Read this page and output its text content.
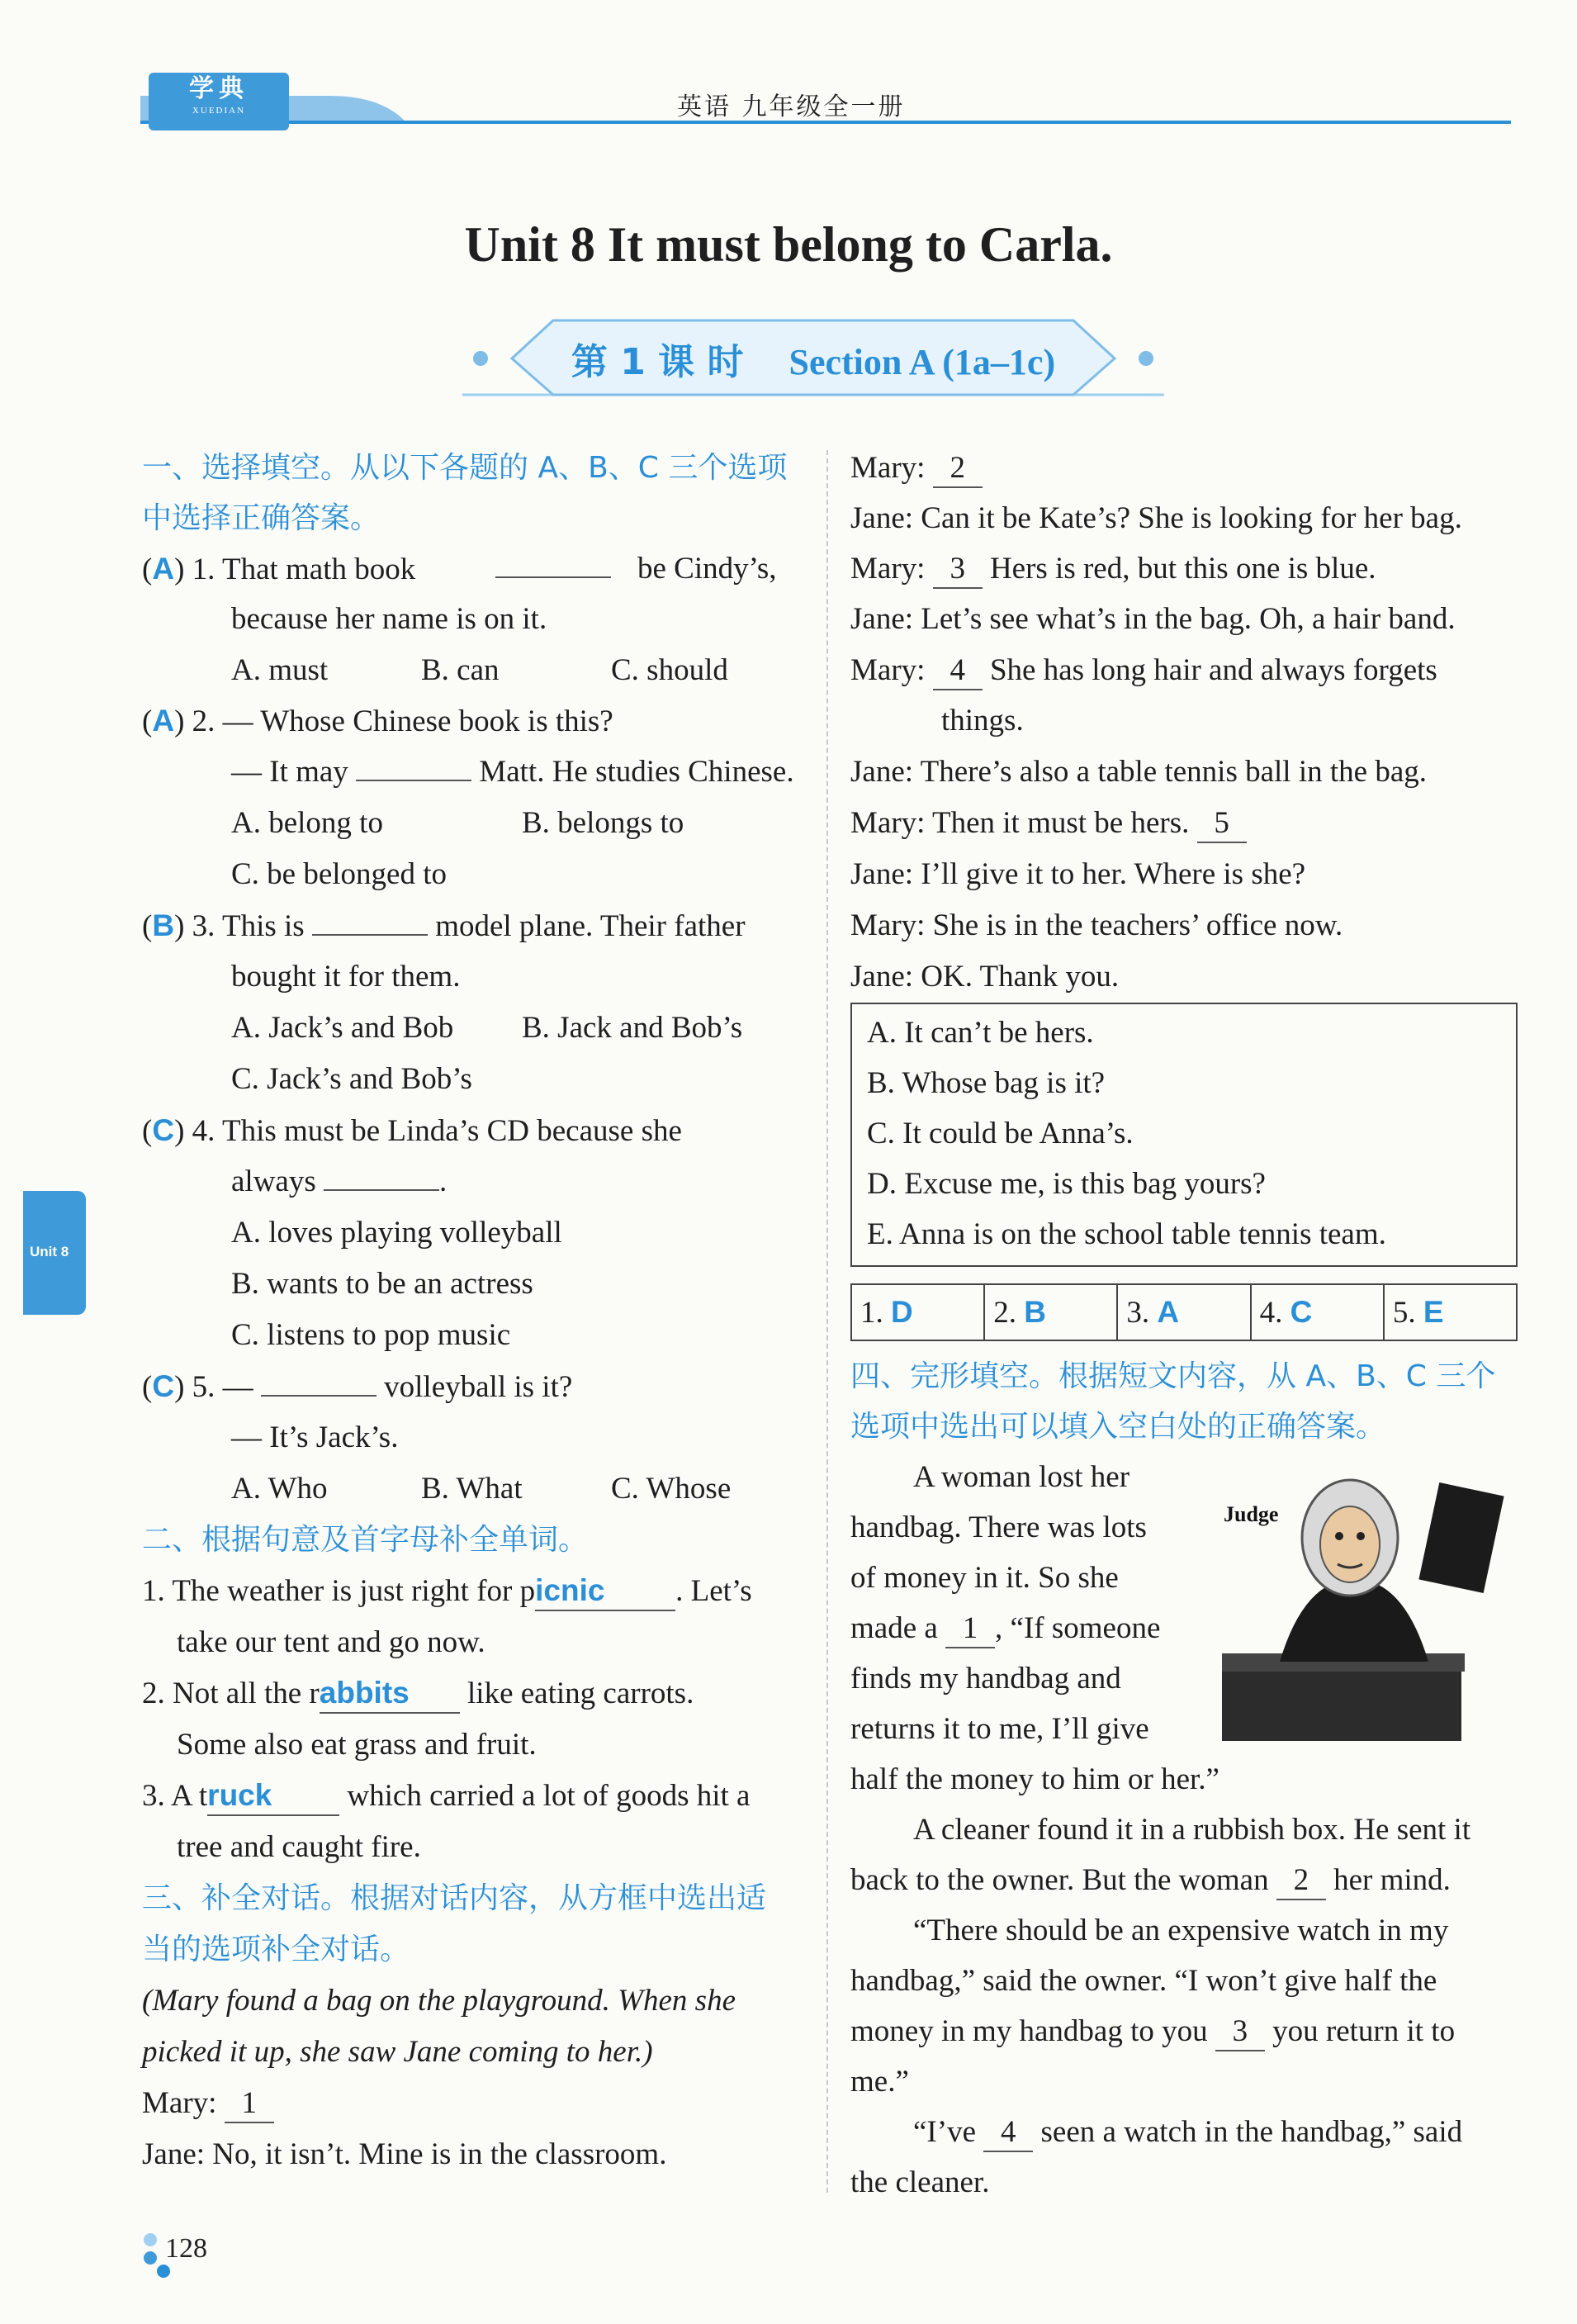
学典
XUEDIAN	英语 九年级全一册
Unit 8 It must belong to Carla.
第 1 课 时 Section A (1a–1c)
Unit 8
一、选择填空。从以下各题的 A、B、C 三个选项
中选择正确答案。
(A) 1. That math book	be Cindy’s,
because her name is on it.
A. must	B. can	C. should
(A) 2. — Whose Chinese book is this?
— It may	Matt. He studies Chinese.
A. belong to	B. belongs to
C. be belonged to
(B) 3. This is	model plane. Their father
bought it for them.
A. Jack’s and Bob B. Jack and Bob’s
C. Jack’s and Bob’s
(C) 4. This must be Linda’s CD because she
always	.
A. loves playing volleyball
B. wants to be an actress
C. listens to pop music
(C) 5. —	volleyball is it?
— It’s Jack’s.
A. Who	B. What	C. Whose
二、根据句意及首字母补全单词。
1. The weather is just right for picnic . Let’s
take our tent and go now.
2. Not all the rabbits like eating carrots.
Some also eat grass and fruit.
3. A truck which carried a lot of goods hit a
tree and caught fire.
三、补全对话。根据对话内容，从方框中选出适
当的选项补全对话。
(Mary found a bag on the playground. When she
picked it up, she saw Jane coming to her.)
Mary: 1
Jane: No, it isn’t. Mine is in the classroom.
Mary: 2
Jane: Can it be Kate’s? She is looking for her bag.
Mary: 3 Hers is red, but this one is blue.
Jane: Let’s see what’s in the bag. Oh, a hair band.
Mary: 4 She has long hair and always forgets
things.
Jane: There’s also a table tennis ball in the bag.
Mary: Then it must be hers. 5
Jane: I’ll give it to her. Where is she?
Mary: She is in the teachers’ office now.
Jane: OK. Thank you.
A. It can’t be hers.
B. Whose bag is it?
C. It could be Anna’s.
D. Excuse me, is this bag yours?
E. Anna is on the school table tennis team.
1. D	2. B	3. A	4. C	5. E
四、完形填空。根据短文内容，从 A、B、C 三个
选项中选出可以填入空白处的正确答案。
A woman lost her
handbag. There was lots
of money in it. So she
made a 1 , “If someone
finds my handbag and
returns it to me, I’ll give
half the money to him or her.”
A cleaner found it in a rubbish box. He sent it
back to the owner. But the woman 2 her mind.
“There should be an expensive watch in my
handbag,” said the owner. “I won’t give half the
money in my handbag to you 3 you return it to
me.”
“I’ve 4 seen a watch in the handbag,” said
the cleaner.
Judge
128
